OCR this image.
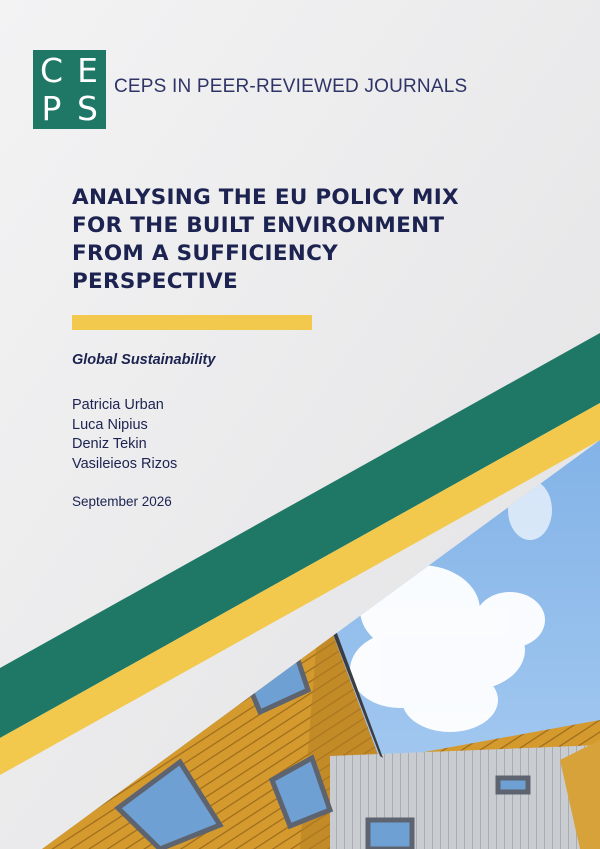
C E
P S
CEPS IN PEER-REVIEWED JOURNALS
ANALYSING THE EU POLICY MIX
FOR THE BUILT ENVIRONMENT
FROM A SUFFICIENCY
PERSPECTIVE
Global Sustainability
Patricia Urban
Luca Nipius
Deniz Tekin
Vasileieos Rizos
September 2026
